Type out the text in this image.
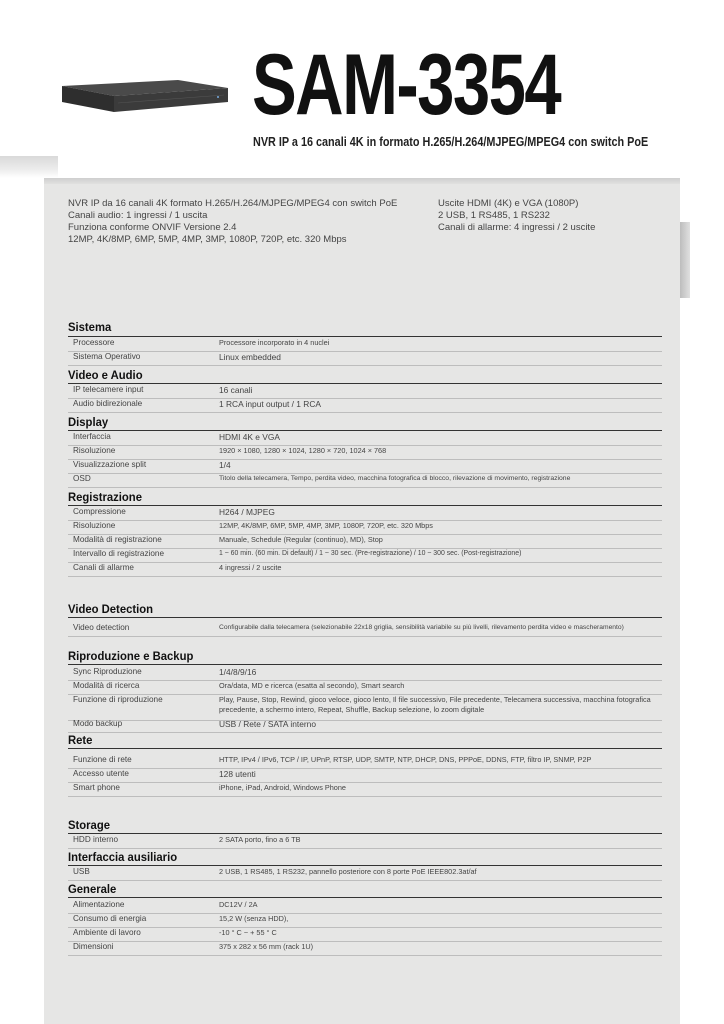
SAM-3354
NVR IP a 16 canali 4K in formato H.265/H.264/MJPEG/MPEG4 con switch PoE
NVR IP da 16 canali 4K formato H.265/H.264/MJPEG/MPEG4 con switch PoE
Canali audio: 1 ingressi / 1 uscita
Funziona conforme ONVIF Versione 2.4
12MP, 4K/8MP, 6MP, 5MP, 4MP, 3MP, 1080P, 720P, etc. 320 Mbps
Uscite HDMI (4K) e VGA (1080P)
2 USB, 1 RS485, 1 RS232
Canali di allarme: 4 ingressi / 2 uscite
Sistema
Processore	Processore incorporato in 4 nuclei
Sistema Operativo	Linux embedded
Video e Audio
IP telecamere input	16 canali
Audio bidirezionale	1 RCA input output / 1 RCA
Display
Interfaccia	HDMI 4K e VGA
Risoluzione	1920 × 1080, 1280 × 1024, 1280 × 720, 1024 × 768
Visualizzazione split	1/4
OSD	Titolo della telecamera, Tempo, perdita video, macchina fotografica di blocco, rilevazione di movimento, registrazione
Registrazione
Compressione	H264 / MJPEG
Risoluzione	12MP, 4K/8MP, 6MP, 5MP, 4MP, 3MP, 1080P, 720P, etc. 320 Mbps
Modalità di registrazione	Manuale, Schedule (Regular (continuo), MD), Stop
Intervallo di registrazione	1 ~ 60 min. (60 min. Di default) / 1 ~ 30 sec. (Pre-registrazione) / 10 ~ 300 sec. (Post-registrazione)
Canali di allarme	4 ingressi / 2 uscite
Video Detection
Video detection	Configurabile dalla telecamera (selezionabile 22x18 griglia, sensibilità variabile su più livelli, rilevamento perdita video e mascheramento)
Riproduzione e Backup
Sync Riproduzione	1/4/8/9/16
Modalità di ricerca	Ora/data, MD e ricerca (esatta al secondo), Smart search
Funzione di riproduzione	Play, Pause, Stop, Rewind, gioco veloce, gioco lento, Il file successivo, File precedente, Telecamera successiva, macchina fotografica precedente, a schermo intero, Repeat, Shuffle, Backup selezione, lo zoom digitale
Modo backup	USB / Rete / SATA interno
Rete
Funzione di rete	HTTP, IPv4 / IPv6, TCP / IP, UPnP, RTSP, UDP, SMTP, NTP, DHCP, DNS, PPPoE, DDNS, FTP, filtro IP, SNMP, P2P
Accesso utente	128 utenti
Smart phone	iPhone, iPad, Android, Windows Phone
Storage
HDD interno	2 SATA porto, fino a 6 TB
Interfaccia ausiliario
USB	2 USB, 1 RS485, 1 RS232, pannello posteriore con 8 porte PoE IEEE802.3at/af
Generale
Alimentazione	DC12V / 2A
Consumo di energia	15,2 W (senza HDD),
Ambiente di lavoro	-10 ° C ~ + 55 ° C
Dimensioni	375 x 282 x 56 mm (rack 1U)
